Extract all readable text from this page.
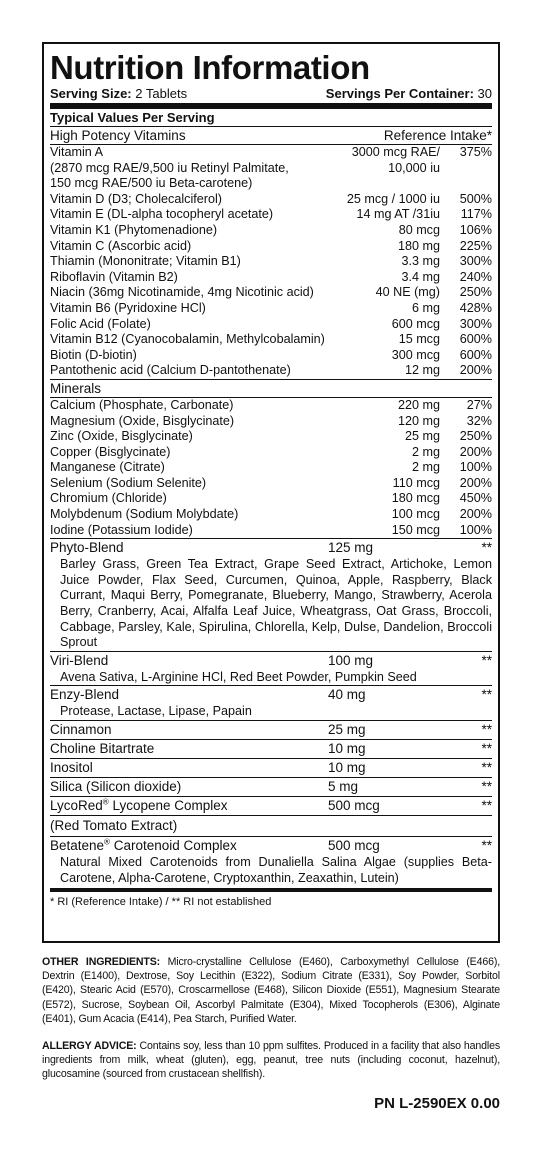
Nutrition Information
Serving Size: 2 Tablets	Servings Per Container: 30
Typical Values Per Serving
High Potency Vitamins	Reference Intake*
Vitamin A	3000 mcg RAE/	375%
(2870 mcg RAE/9,500 iu Retinyl Palmitate,	10,000 iu
150 mcg RAE/500 iu Beta-carotene)
Vitamin D (D3; Cholecalciferol)	25 mcg / 1000 iu	500%
Vitamin E (DL-alpha tocopheryl acetate)	14 mg AT /31iu	117%
Vitamin K1 (Phytomenadione)	80 mcg	106%
Vitamin C (Ascorbic acid)	180 mg	225%
Thiamin (Mononitrate; Vitamin B1)	3.3 mg	300%
Riboflavin (Vitamin B2)	3.4 mg	240%
Niacin (36mg Nicotinamide, 4mg Nicotinic acid)	40 NE (mg)	250%
Vitamin B6 (Pyridoxine HCl)	6 mg	428%
Folic Acid (Folate)	600 mcg	300%
Vitamin B12 (Cyanocobalamin, Methylcobalamin)	15 mcg	600%
Biotin (D-biotin)	300 mcg	600%
Pantothenic acid (Calcium D-pantothenate)	12 mg	200%
Minerals
Calcium (Phosphate, Carbonate)	220 mg	27%
Magnesium (Oxide, Bisglycinate)	120 mg	32%
Zinc (Oxide, Bisglycinate)	25 mg	250%
Copper (Bisglycinate)	2 mg	200%
Manganese (Citrate)	2 mg	100%
Selenium (Sodium Selenite)	110 mcg	200%
Chromium (Chloride)	180 mcg	450%
Molybdenum (Sodium Molybdate)	100 mcg	200%
Iodine (Potassium Iodide)	150 mcg	100%
Phyto-Blend	125 mg	**
Barley Grass, Green Tea Extract, Grape Seed Extract, Artichoke, Lemon Juice Powder, Flax Seed, Curcumen, Quinoa, Apple, Raspberry, Black Currant, Maqui Berry, Pomegranate, Blueberry, Mango, Strawberry, Acerola Berry, Cranberry, Acai, Alfalfa Leaf Juice, Wheatgrass, Oat Grass, Broccoli, Cabbage, Parsley, Kale, Spirulina, Chlorella, Kelp, Dulse, Dandelion, Broccoli Sprout
Viri-Blend	100 mg	**
Avena Sativa, L-Arginine HCl, Red Beet Powder, Pumpkin Seed
Enzy-Blend	40 mg	**
Protease, Lactase, Lipase, Papain
Cinnamon	25 mg	**
Choline Bitartrate	10 mg	**
Inositol	10 mg	**
Silica (Silicon dioxide)	5 mg	**
LycoRed® Lycopene Complex	500 mcg	**
(Red Tomato Extract)
Betatene® Carotenoid Complex	500 mcg	**
Natural Mixed Carotenoids from Dunaliella Salina Algae (supplies Beta-Carotene, Alpha-Carotene, Cryptoxanthin, Zeaxathin, Lutein)
* RI (Reference Intake) / ** RI not established
OTHER INGREDIENTS: Micro-crystalline Cellulose (E460), Carboxymethyl Cellulose (E466), Dextrin (E1400), Dextrose, Soy Lecithin (E322), Sodium Citrate (E331), Soy Powder, Sorbitol (E420), Stearic Acid (E570), Croscarmellose (E468), Silicon Dioxide (E551), Magnesium Stearate (E572), Sucrose, Soybean Oil, Ascorbyl Palmitate (E304), Mixed Tocopherols (E306), Alginate (E401), Gum Acacia (E414), Pea Starch, Purified Water.
ALLERGY ADVICE: Contains soy, less than 10 ppm sulfites. Produced in a facility that also handles ingredients from milk, wheat (gluten), egg, peanut, tree nuts (including coconut, hazelnut), glucosamine (sourced from crustacean shellfish).
PN L-2590EX 0.00
